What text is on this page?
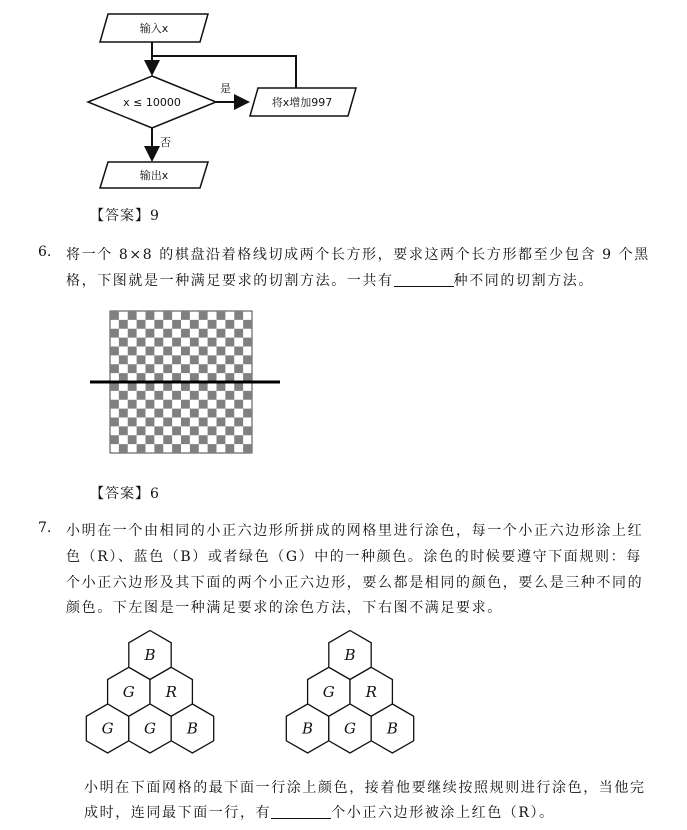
输入x
x ≤ 10000
是
将x增加997
否
输出x
【答案】9
6. 将一个 8×8 的棋盘沿着格线切成两个长方形，要求这两个长方形都至少包含 9 个黑
格，下图就是一种满足要求的切割方法。一共有	种不同的切割方法。
【答案】6
7. 小明在一个由相同的小正六边形所拼成的网格里进行涂色，每一个小正六边形涂上红
色（R）、蓝色（B）或者绿色（G）中的一种颜色。涂色的时候要遵守下面规则：每
个小正六边形及其下面的两个小正六边形，要么都是相同的颜色，要么是三种不同的
颜色。下左图是一种满足要求的涂色方法，下右图不满足要求。
B
G R
G G B
B
G R
B G B
小明在下面网格的最下面一行涂上颜色，接着他要继续按照规则进行涂色，当他完
成时，连同最下面一行，有	个小正六边形被涂上红色（R）。
